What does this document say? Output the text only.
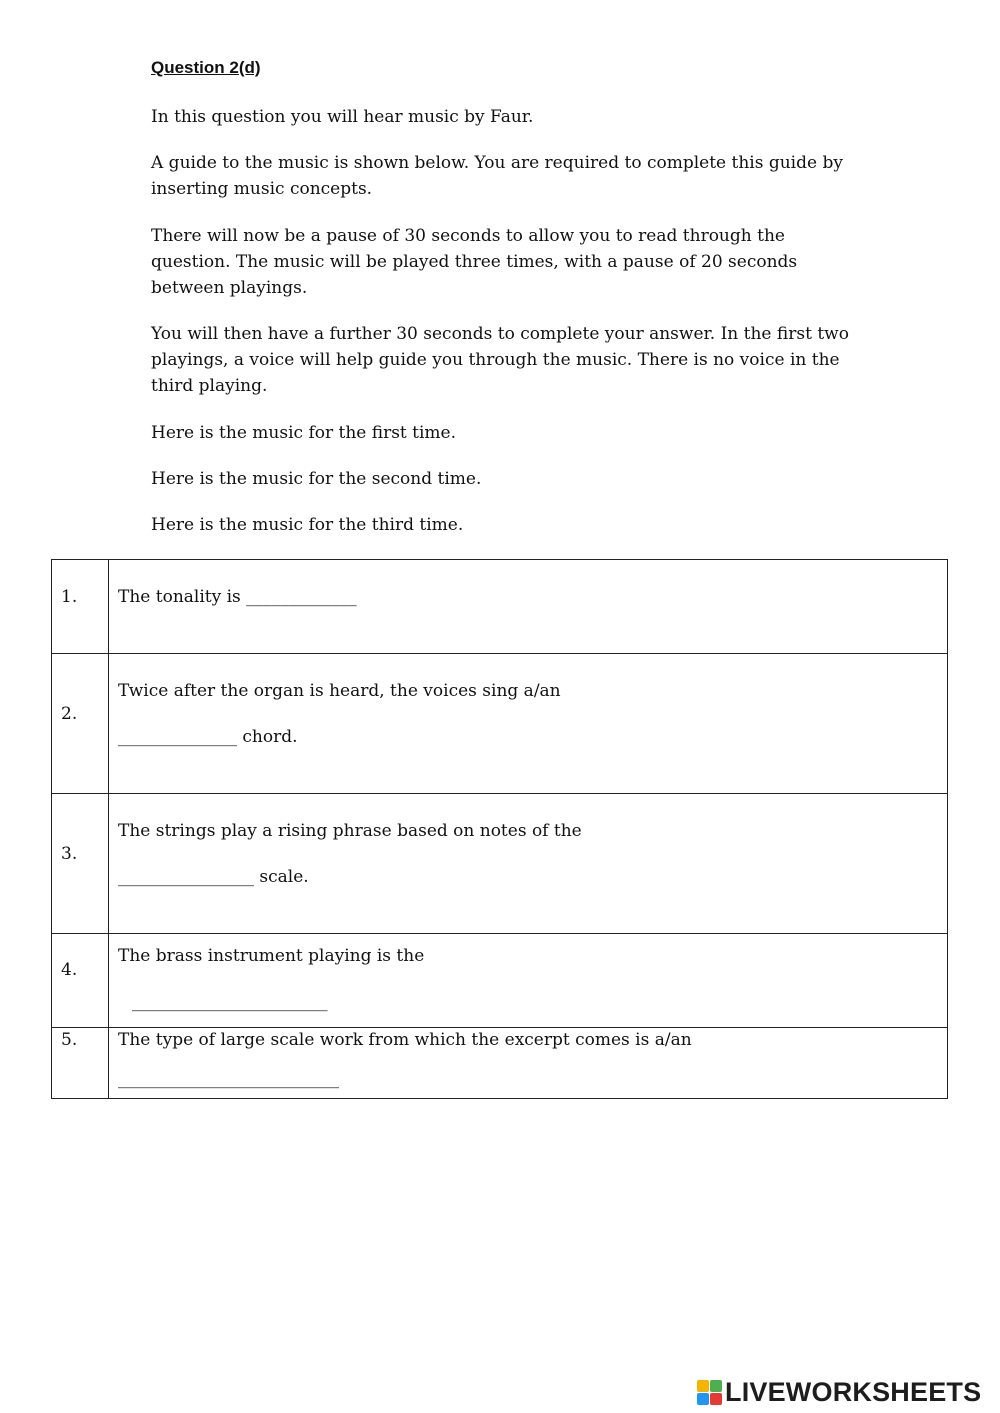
Question 2(d)

In this question you will hear music by Faur.

A guide to the music is shown below. You are required to complete this guide by inserting music concepts.

There will now be a pause of 30 seconds to allow you to read through the question. The music will be played three times, with a pause of 20 seconds between playings.

You will then have a further 30 seconds to complete your answer. In the first two playings, a voice will help guide you through the music. There is no voice in the third playing.

Here is the music for the first time.

Here is the music for the second time.

Here is the music for the third time.

1.	The tonality is _____________

2.	Twice after the organ is heard, the voices sing a/an
______________ chord.

3.	The strings play a rising phrase based on notes of the
________________ scale.

4.	The brass instrument playing is the
_______________________

5.	The type of large scale work from which the excerpt comes is a/an
__________________________
LIVEWORKSHEETS
